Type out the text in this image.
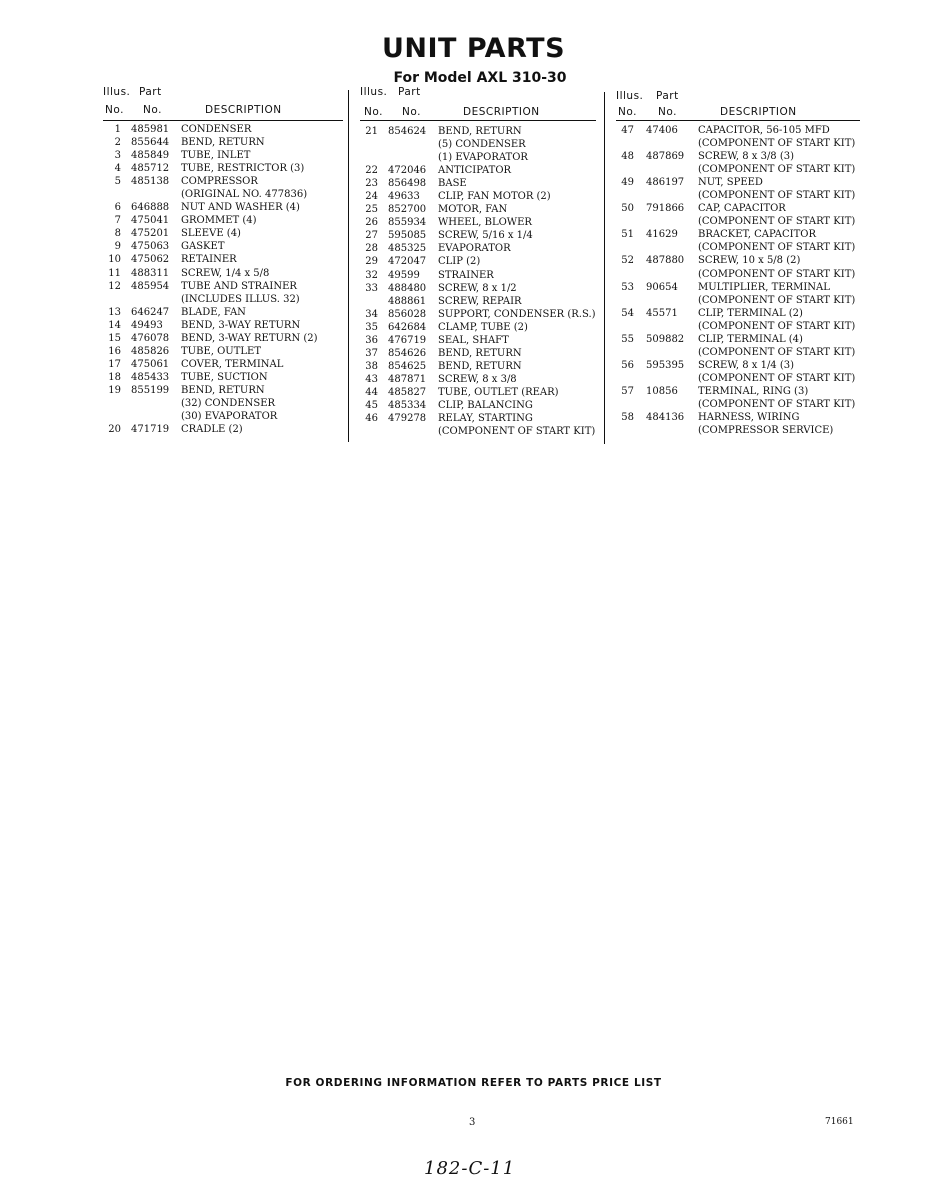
UNIT PARTS
For Model AXL 310-30
Illus. Part
No. No.	DESCRIPTION
1 485981 CONDENSER
2 855644 BEND, RETURN
3 485849 TUBE, INLET
4 485712 TUBE, RESTRICTOR (3)
5 485138 COMPRESSOR
(ORIGINAL NO. 477836)
6 646888 NUT AND WASHER (4)
7 475041 GROMMET (4)
8 475201 SLEEVE (4)
9 475063 GASKET
10 475062 RETAINER
11 488311 SCREW, 1/4 x 5/8
12 485954 TUBE AND STRAINER
(INCLUDES ILLUS. 32)
13 646247 BLADE, FAN
14 49493 BEND, 3-WAY RETURN
15 476078 BEND, 3-WAY RETURN (2)
16 485826 TUBE, OUTLET
17 475061 COVER, TERMINAL
18 485433 TUBE, SUCTION
19 855199 BEND, RETURN
(32) CONDENSER
(30) EVAPORATOR
20 471719 CRADLE (2)
Illus. Part
No. No.	DESCRIPTION
21 854624 BEND, RETURN
(5) CONDENSER
(1) EVAPORATOR
22 472046 ANTICIPATOR
23 856498 BASE
24 49633 CLIP, FAN MOTOR (2)
25 852700 MOTOR, FAN
26 855934 WHEEL, BLOWER
27 595085 SCREW, 5/16 x 1/4
28 485325 EVAPORATOR
29 472047 CLIP (2)
32 49599 STRAINER
33 488480 SCREW, 8 x 1/2
488861 SCREW, REPAIR
34 856028 SUPPORT, CONDENSER (R.S.)
35 642684 CLAMP, TUBE (2)
36 476719 SEAL, SHAFT
37 854626 BEND, RETURN
38 854625 BEND, RETURN
43 487871 SCREW, 8 x 3/8
44 485827 TUBE, OUTLET (REAR)
45 485334 CLIP, BALANCING
46 479278 RELAY, STARTING
(COMPONENT OF START KIT)
Illus. Part
No. No.	DESCRIPTION
47 47406 CAPACITOR, 56-105 MFD
(COMPONENT OF START KIT)
48 487869 SCREW, 8 x 3/8 (3)
(COMPONENT OF START KIT)
49 486197 NUT, SPEED
(COMPONENT OF START KIT)
50 791866 CAP, CAPACITOR
(COMPONENT OF START KIT)
51 41629 BRACKET, CAPACITOR
(COMPONENT OF START KIT)
52 487880 SCREW, 10 x 5/8 (2)
(COMPONENT OF START KIT)
53 90654 MULTIPLIER, TERMINAL
(COMPONENT OF START KIT)
54 45571 CLIP, TERMINAL (2)
(COMPONENT OF START KIT)
55 509882 CLIP, TERMINAL (4)
(COMPONENT OF START KIT)
56 595395 SCREW, 8 x 1/4 (3)
(COMPONENT OF START KIT)
57 10856 TERMINAL, RING (3)
(COMPONENT OF START KIT)
58 484136 HARNESS, WIRING
(COMPRESSOR SERVICE)
FOR ORDERING INFORMATION REFER TO PARTS PRICE LIST
3	71661
182-C-11
